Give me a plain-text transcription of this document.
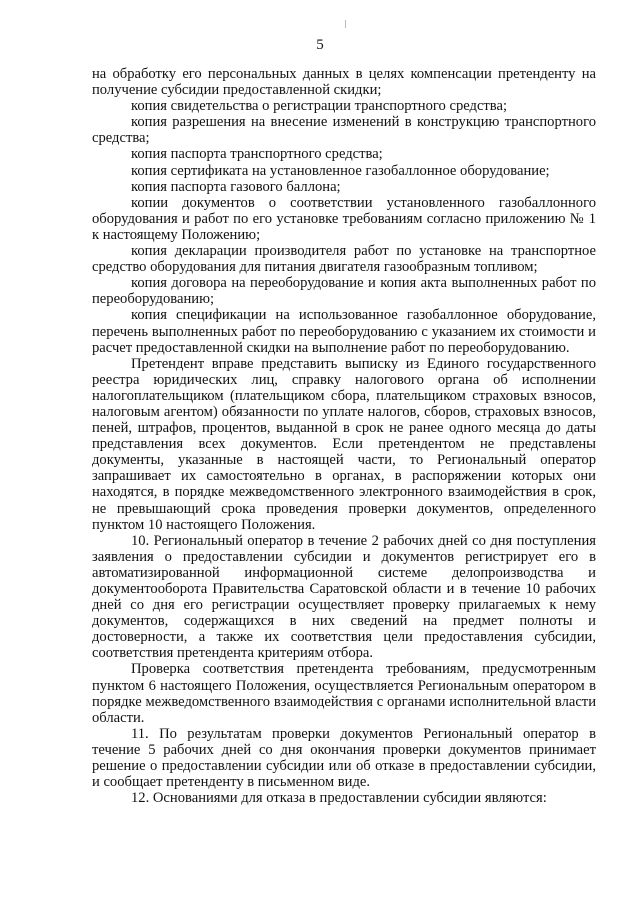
5

на обработку его персональных данных в целях компенсации претенденту на получение субсидии предоставленной скидки;

копия свидетельства о регистрации транспортного средства;

копия разрешения на внесение изменений в конструкцию транспортного средства;

копия паспорта транспортного средства;

копия сертификата на установленное газобаллонное оборудование;

копия паспорта газового баллона;

копии документов о соответствии установленного газобаллонного оборудования и работ по его установке требованиям согласно приложению № 1 к настоящему Положению;

копия декларации производителя работ по установке на транспортное средство оборудования для питания двигателя газообразным топливом;

копия договора на переоборудование и копия акта выполненных работ по переоборудованию;

копия спецификации на использованное газобаллонное оборудование, перечень выполненных работ по переоборудованию с указанием их стоимости и расчет предоставленной скидки на выполнение работ по переоборудованию.

Претендент вправе представить выписку из Единого государственного реестра юридических лиц, справку налогового органа об исполнении налогоплательщиком (плательщиком сбора, плательщиком страховых взносов, налоговым агентом) обязанности по уплате налогов, сборов, страховых взносов, пеней, штрафов, процентов, выданной в срок не ранее одного месяца до даты представления всех документов. Если претендентом не представлены документы, указанные в настоящей части, то Региональный оператор запрашивает их самостоятельно в органах, в распоряжении которых они находятся, в порядке межведомственного электронного взаимодействия в срок, не превышающий срока проведения проверки документов, определенного пунктом 10 настоящего Положения.

10. Региональный оператор в течение 2 рабочих дней со дня поступления заявления о предоставлении субсидии и документов регистрирует его в автоматизированной информационной системе делопроизводства и документооборота Правительства Саратовской области и в течение 10 рабочих дней со дня его регистрации осуществляет проверку прилагаемых к нему документов, содержащихся в них сведений на предмет полноты и достоверности, а также их соответствия цели предоставления субсидии, соответствия претендента критериям отбора.

Проверка соответствия претендента требованиям, предусмотренным пунктом 6 настоящего Положения, осуществляется Региональным оператором в порядке межведомственного взаимодействия с органами исполнительной власти области.

11. По результатам проверки документов Региональный оператор в течение 5 рабочих дней со дня окончания проверки документов принимает решение о предоставлении субсидии или об отказе в предоставлении субсидии, и сообщает претенденту в письменном виде.

12. Основаниями для отказа в предоставлении субсидии являются:
